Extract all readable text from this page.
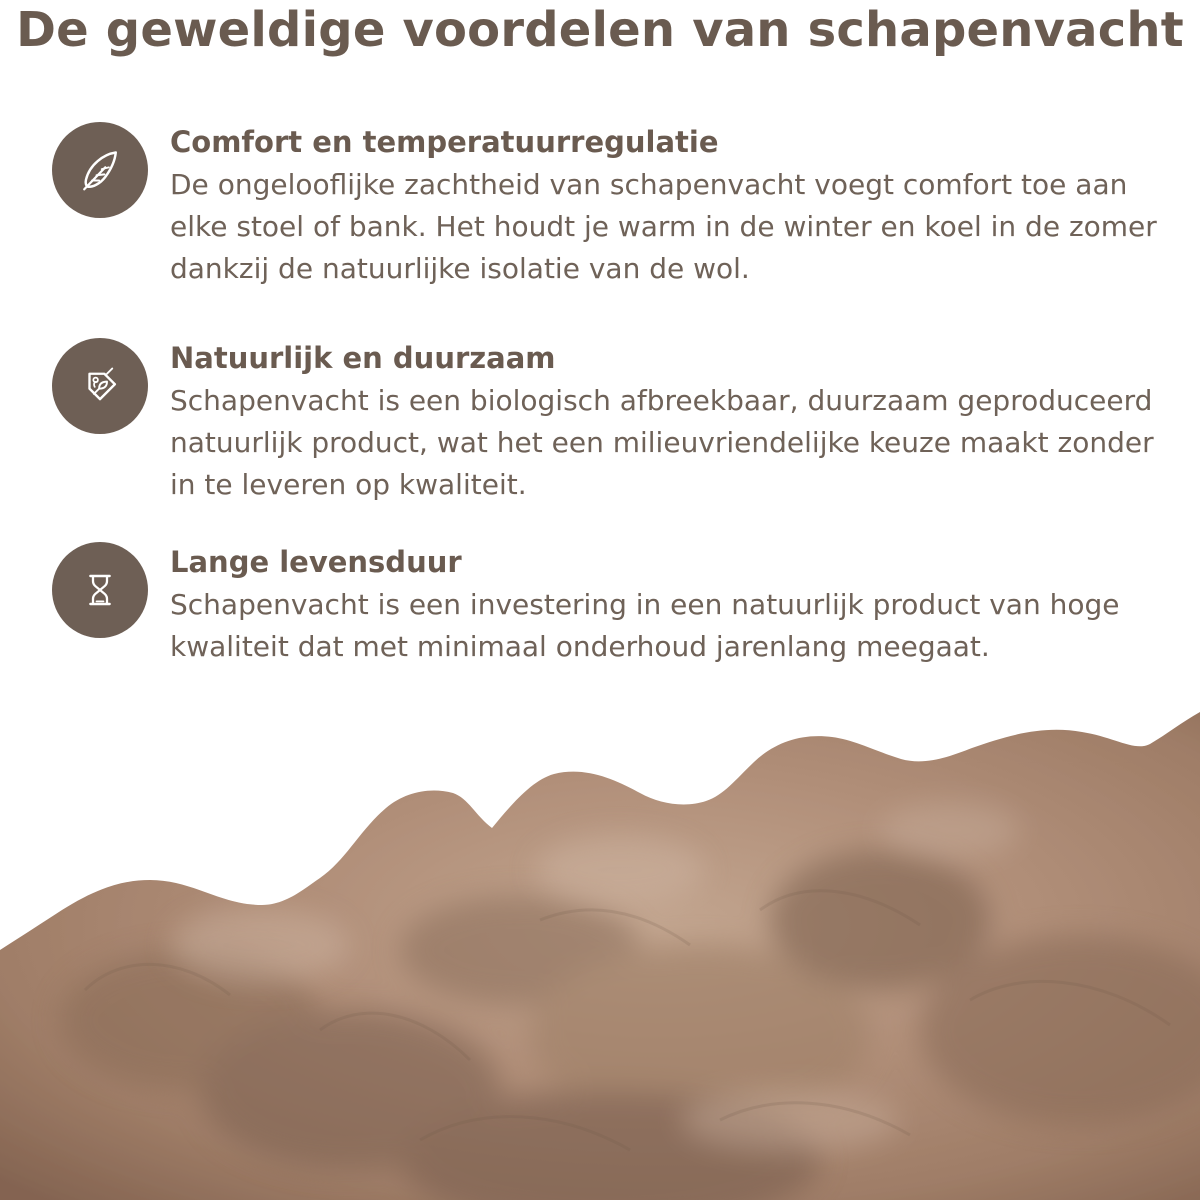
De geweldige voordelen van schapenvacht
Comfort en temperatuurregulatie
De ongelooflijke zachtheid van schapenvacht voegt comfort toe aan elke stoel of bank. Het houdt je warm in de winter en koel in de zomer dankzij de natuurlijke isolatie van de wol.
Natuurlijk en duurzaam
Schapenvacht is een biologisch afbreekbaar, duurzaam geproduceerd natuurlijk product, wat het een milieuvriendelijke keuze maakt zonder in te leveren op kwaliteit.
Lange levensduur
Schapenvacht is een investering in een natuurlijk product van hoge kwaliteit dat met minimaal onderhoud jarenlang meegaat.
